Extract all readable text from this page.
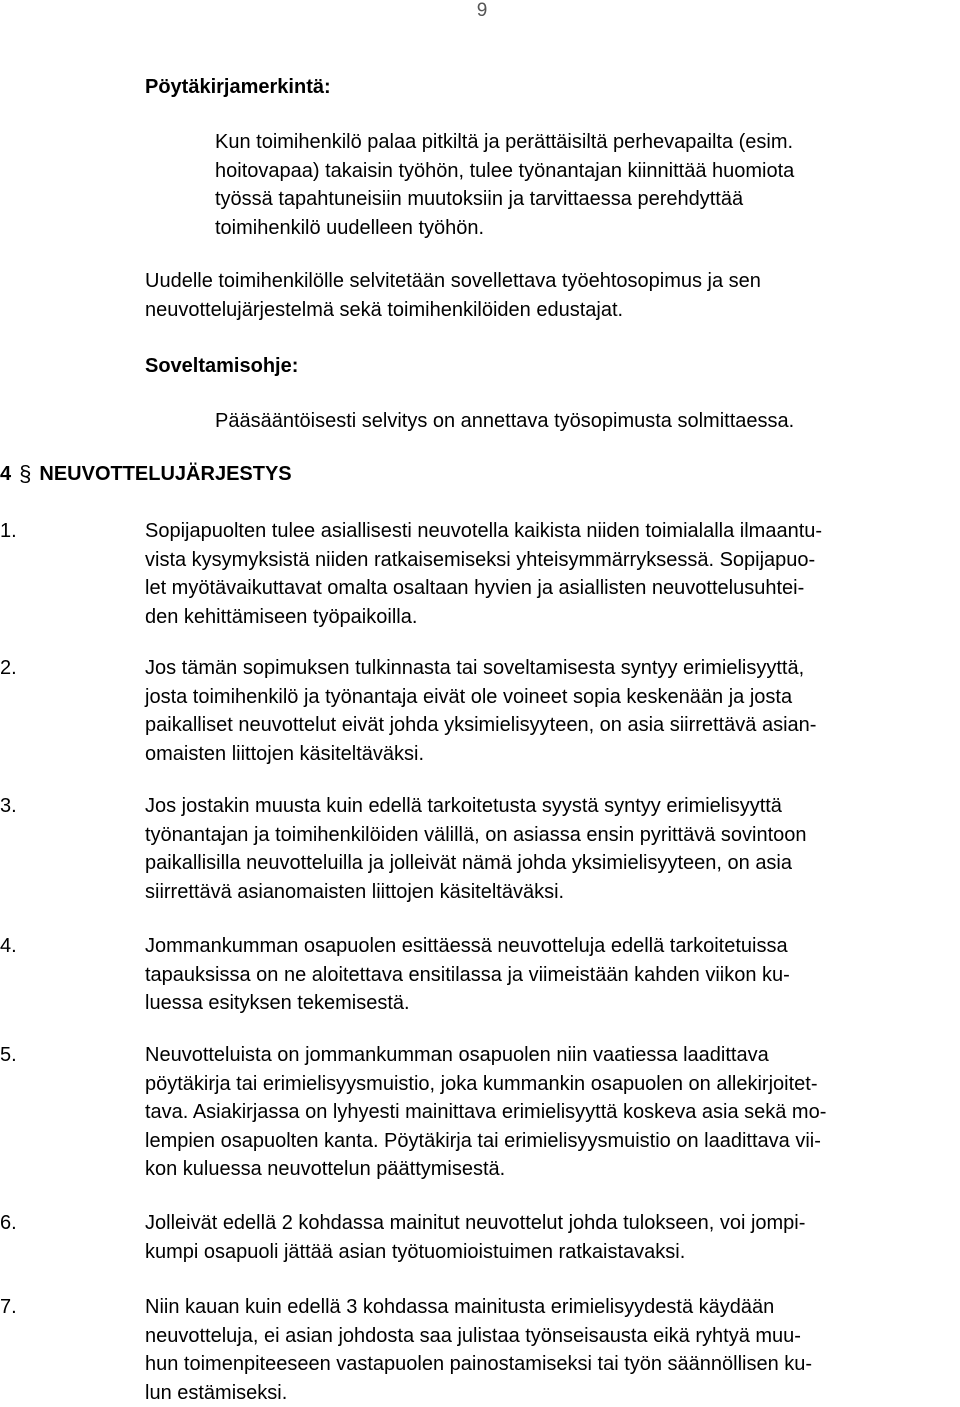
9
Pöytäkirjamerkintä:
Kun toimihenkilö palaa pitkiltä ja perättäisiltä perhevapailta (esim.
hoitovapaa) takaisin työhön, tulee työnantajan kiinnittää huomiota
työssä tapahtuneisiin muutoksiin ja tarvittaessa perehdyttää
toimihenkilö uudelleen työhön.
Uudelle toimihenkilölle selvitetään sovellettava työehtosopimus ja sen
neuvottelujärjestelmä sekä toimihenkilöiden edustajat.
Soveltamisohje:
Pääsääntöisesti selvitys on annettava työsopimusta solmittaessa.
4 § NEUVOTTELUJÄRJESTYS
1.	Sopijapuolten tulee asiallisesti neuvotella kaikista niiden toimialalla ilmaantu-
vista kysymyksistä niiden ratkaisemiseksi yhteisymmärryksessä. Sopijapuo-
let myötävaikuttavat omalta osaltaan hyvien ja asiallisten neuvottelusuhtei-
den kehittämiseen työpaikoilla.
2.	Jos tämän sopimuksen tulkinnasta tai soveltamisesta syntyy erimielisyyttä,
josta toimihenkilö ja työnantaja eivät ole voineet sopia keskenään ja josta
paikalliset neuvottelut eivät johda yksimielisyyteen, on asia siirrettävä asian-
omaisten liittojen käsiteltäväksi.
3.	Jos jostakin muusta kuin edellä tarkoitetusta syystä syntyy erimielisyyttä
työnantajan ja toimihenkilöiden välillä, on asiassa ensin pyrittävä sovintoon
paikallisilla neuvotteluilla ja jolleivät nämä johda yksimielisyyteen, on asia
siirrettävä asianomaisten liittojen käsiteltäväksi.
4.	Jommankumman osapuolen esittäessä neuvotteluja edellä tarkoitetuissa
tapauksissa on ne aloitettava ensitilassa ja viimeistään kahden viikon ku-
luessa esityksen tekemisestä.
5.	Neuvotteluista on jommankumman osapuolen niin vaatiessa laadittava
pöytäkirja tai erimielisyysmuistio, joka kummankin osapuolen on allekirjoitet-
tava. Asiakirjassa on lyhyesti mainittava erimielisyyttä koskeva asia sekä mo-
lempien osapuolten kanta. Pöytäkirja tai erimielisyysmuistio on laadittava vii-
kon kuluessa neuvottelun päättymisestä.
6.	Jolleivät edellä 2 kohdassa mainitut neuvottelut johda tulokseen, voi jompi-
kumpi osapuoli jättää asian työtuomioistuimen ratkaistavaksi.
7.	Niin kauan kuin edellä 3 kohdassa mainitusta erimielisyydestä käydään
neuvotteluja, ei asian johdosta saa julistaa työnseisausta eikä ryhtyä muu-
hun toimenpiteeseen vastapuolen painostamiseksi tai työn säännöllisen ku-
lun estämiseksi.
